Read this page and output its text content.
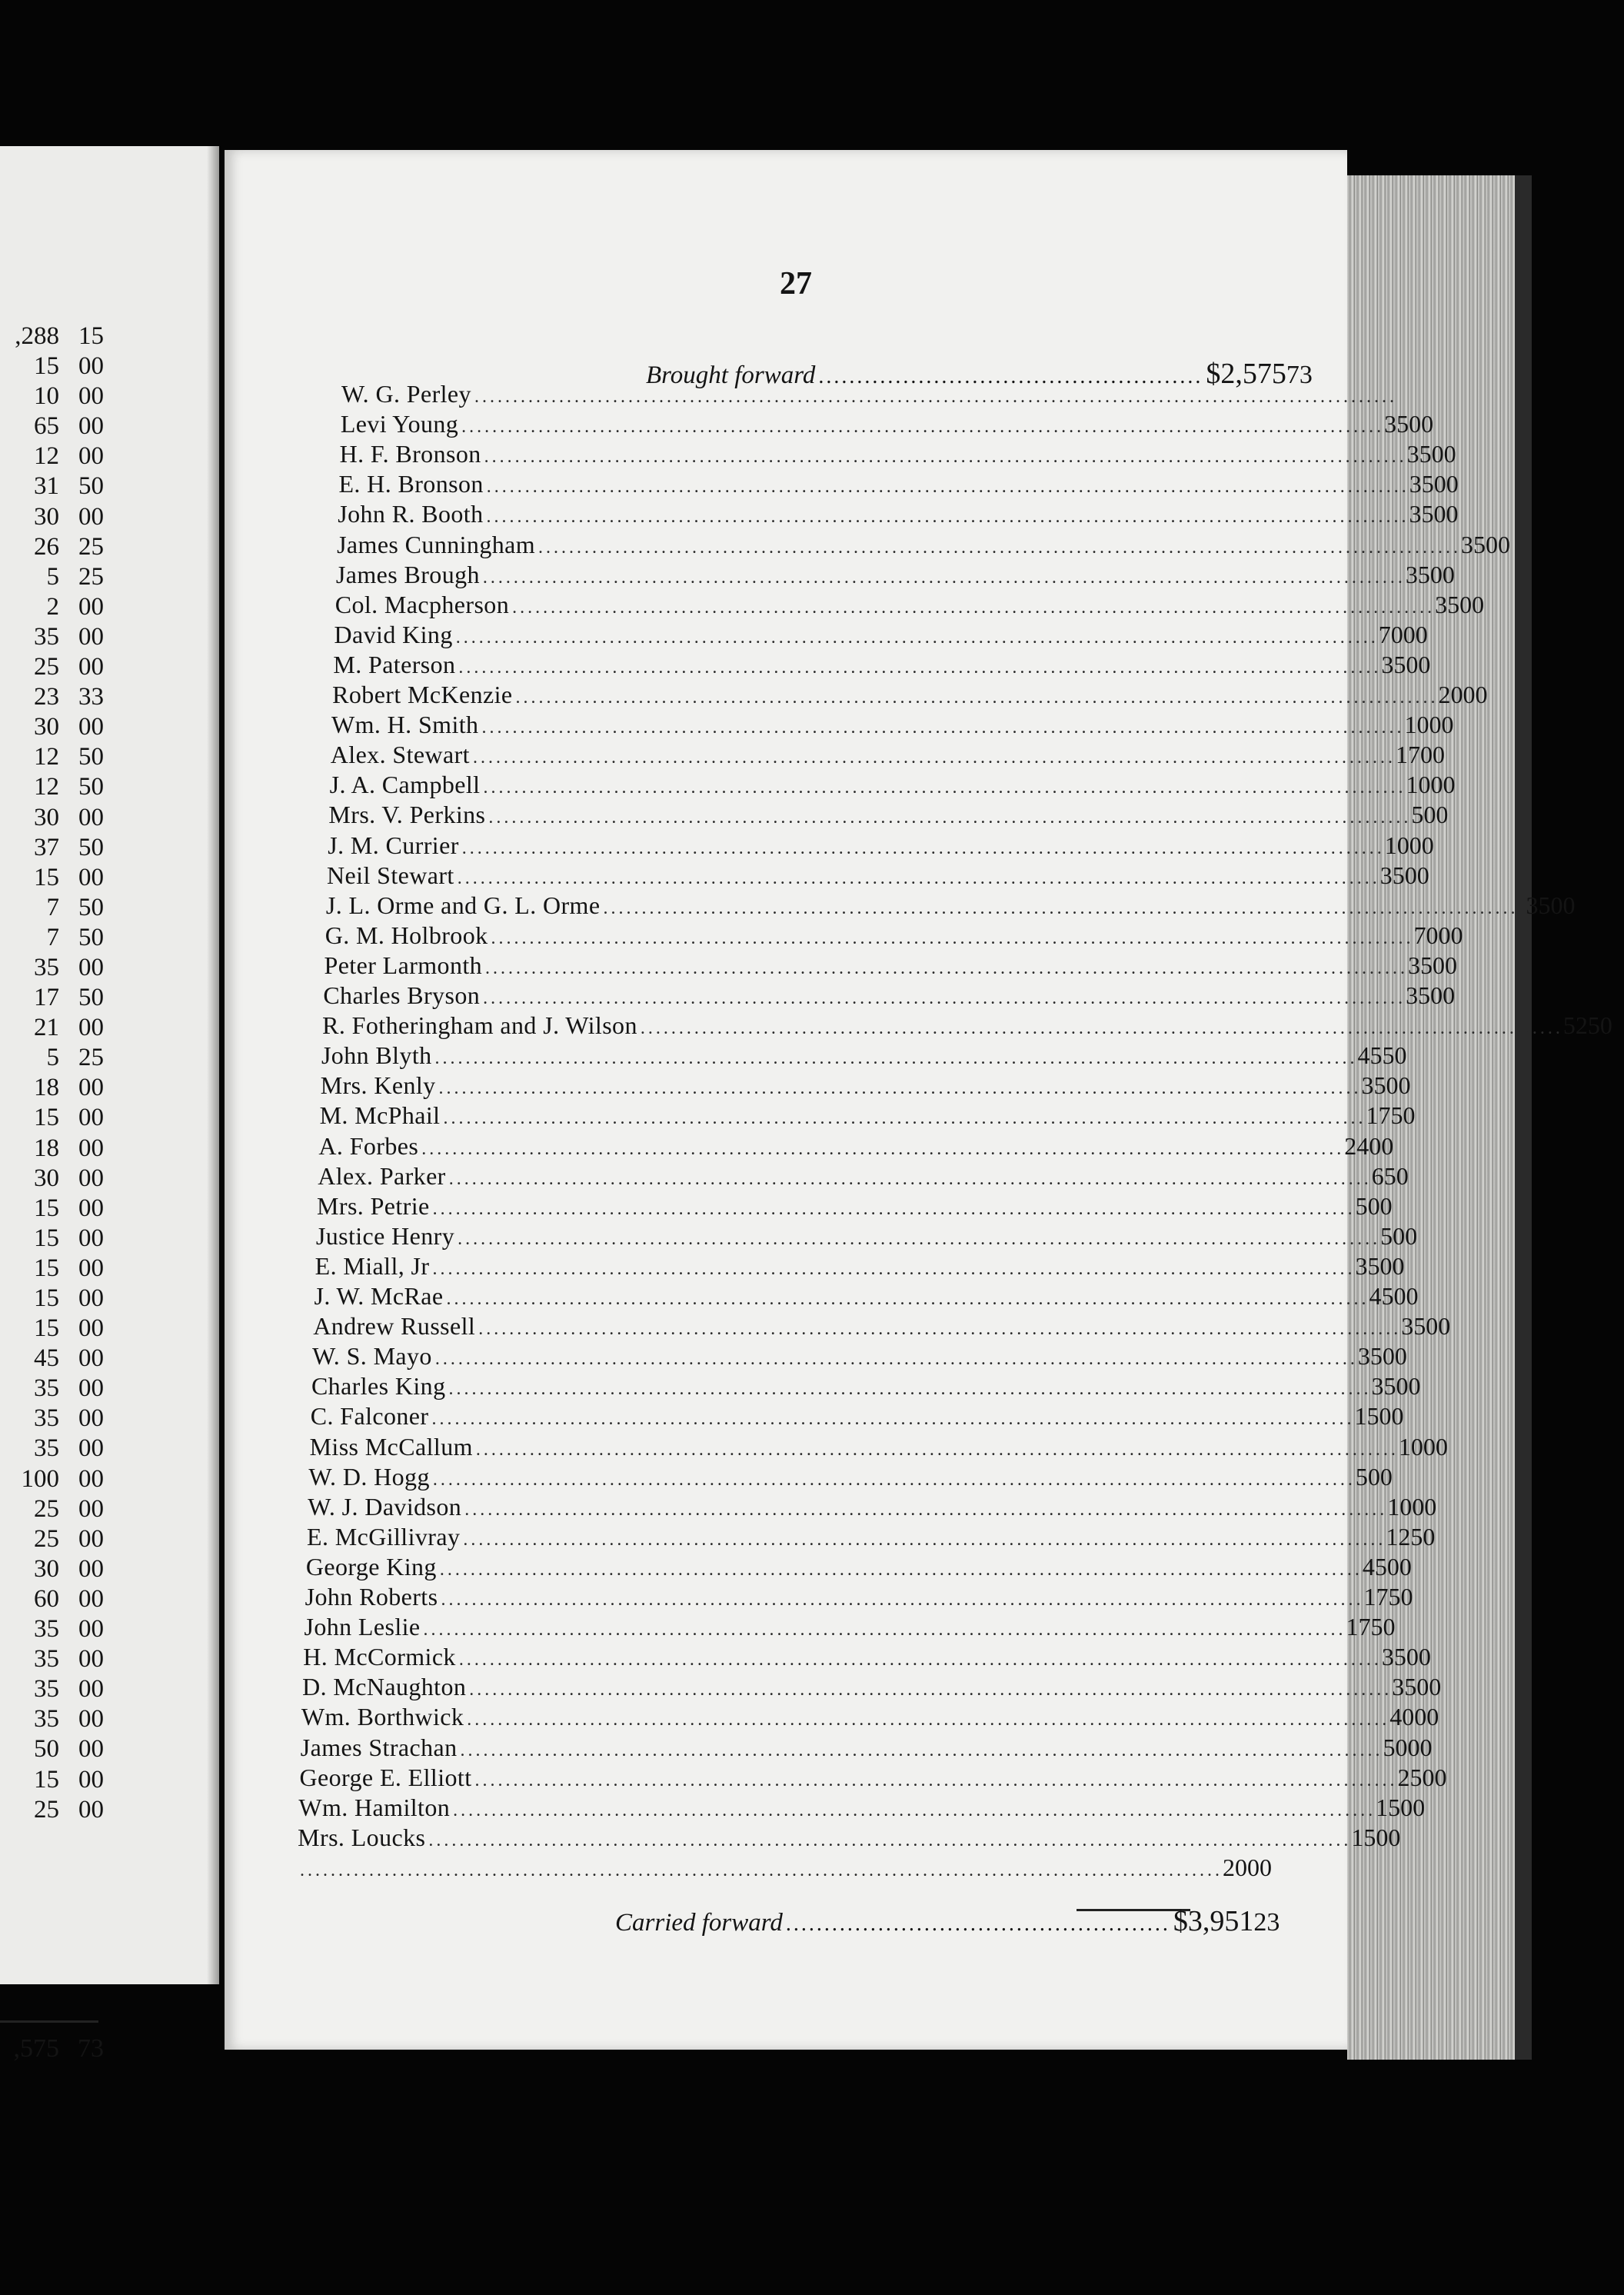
,288 15
15 00
10 00
65 00
12 00
31 50
30 00
26 25
5 25
2 00
35 00
25 00
23 33
30 00
12 50
12 50
30 00
37 50
15 00
7 50
7 50
35 00
17 50
21 00
5 25
18 00
15 00
18 00
30 00
15 00
15 00
15 00
15 00
15 00
45 00
35 00
35 00
35 00
100 00
25 00
25 00
30 00
60 00
35 00
35 00
35 00
35 00
50 00
15 00
25 00
,575 73
27
Brought forward .................................................. $2,575 73
W. G. Perley ........................................................................................................................
Levi Young ........................................................................................................................ 35 00
H. F. Bronson ........................................................................................................................ 35 00
E. H. Bronson ........................................................................................................................ 35 00
John R. Booth ........................................................................................................................ 35 00
James Cunningham ........................................................................................................................ 35 00
James Brough ........................................................................................................................ 35 00
Col. Macpherson ........................................................................................................................ 35 00
David King ........................................................................................................................ 70 00
M. Paterson ........................................................................................................................ 35 00
Robert McKenzie ........................................................................................................................ 20 00
Wm. H. Smith ........................................................................................................................ 10 00
Alex. Stewart ........................................................................................................................ 17 00
J. A. Campbell ........................................................................................................................ 10 00
Mrs. V. Perkins ........................................................................................................................ 5 00
J. M. Currier ........................................................................................................................ 10 00
Neil Stewart ........................................................................................................................ 35 00
J. L. Orme and G. L. Orme ........................................................................................................................ 35 00
G. M. Holbrook ........................................................................................................................ 70 00
Peter Larmonth ........................................................................................................................ 35 00
Charles Bryson ........................................................................................................................ 35 00
R. Fotheringham and J. Wilson ........................................................................................................................ 52 50
John Blyth ........................................................................................................................ 45 50
Mrs. Kenly ........................................................................................................................ 35 00
M. McPhail ........................................................................................................................ 17 50
A. Forbes ........................................................................................................................ 24 00
Alex. Parker ........................................................................................................................ 6 50
Mrs. Petrie ........................................................................................................................ 5 00
Justice Henry ........................................................................................................................ 5 00
E. Miall, Jr ........................................................................................................................ 35 00
J. W. McRae ........................................................................................................................ 45 00
Andrew Russell ........................................................................................................................ 35 00
W. S. Mayo ........................................................................................................................ 35 00
Charles King ........................................................................................................................ 35 00
C. Falconer ........................................................................................................................ 15 00
Miss McCallum ........................................................................................................................ 10 00
W. D. Hogg ........................................................................................................................ 5 00
W. J. Davidson ........................................................................................................................ 10 00
E. McGillivray ........................................................................................................................ 12 50
George King ........................................................................................................................ 45 00
John Roberts ........................................................................................................................ 17 50
John Leslie ........................................................................................................................ 17 50
H. McCormick ........................................................................................................................ 35 00
D. McNaughton ........................................................................................................................ 35 00
Wm. Borthwick ........................................................................................................................ 40 00
James Strachan ........................................................................................................................ 50 00
George E. Elliott ........................................................................................................................ 25 00
Wm. Hamilton ........................................................................................................................ 15 00
Mrs. Loucks ........................................................................................................................ 15 00
........................................................................................................................ 20 00
Carried forward .................................................. $3,951 23
